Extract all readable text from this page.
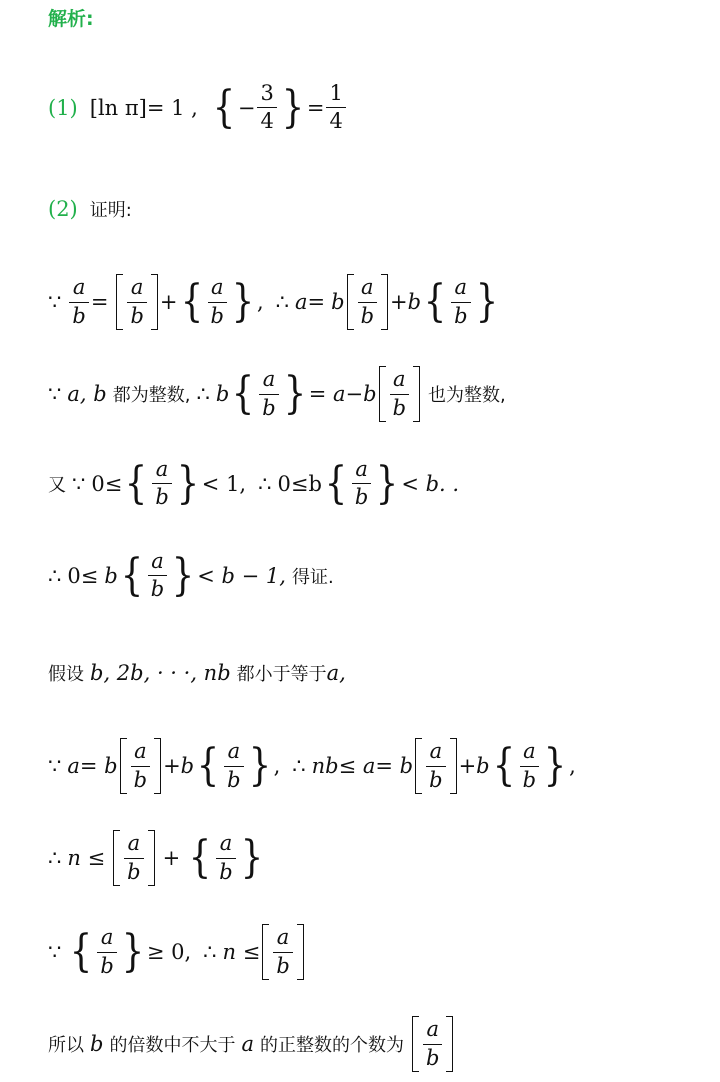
解析:
(1) [ln π]= 1 , { − $\frac{3}{4}$ } = $\frac{1}{4}$
(2) 证明:
∵ $\frac{a}{b} = \frac{a}{b}$ + { $\frac{a}{b}$ } , ∴ a= b $\frac{a}{b} +b$ { $\frac{a}{b}$ }
∵ a, b 都为整数, ∴ b { $\frac{a}{b}$ } = $a-b \frac{a}{b}$ 也为整数,
又 ∵ 0≤ { $\frac{a}{b}$ } < 1, ∴ 0≤b { $\frac{a}{b}$ } < b. .
∴ 0≤ b { $\frac{a}{b}$ } < b − 1, 得证.
假设 b, 2b, · · ·, nb 都小于等于 a,
∵ a= b $\frac{a}{b} +b$ { $\frac{a}{b}$ } , ∴ nb≤ a= b $\frac{a}{b} +b$ { $\frac{a}{b}$ } ,
∴ $n \le \frac{a}{b}$ + { $\frac{a}{b}$ }
∵ { $\frac{a}{b}$ } ≥ 0, ∴ $n \le \frac{a}{b}$
所以 b 的倍数中不大于 a 的正整数的个数为 $\frac{a}{b}$
